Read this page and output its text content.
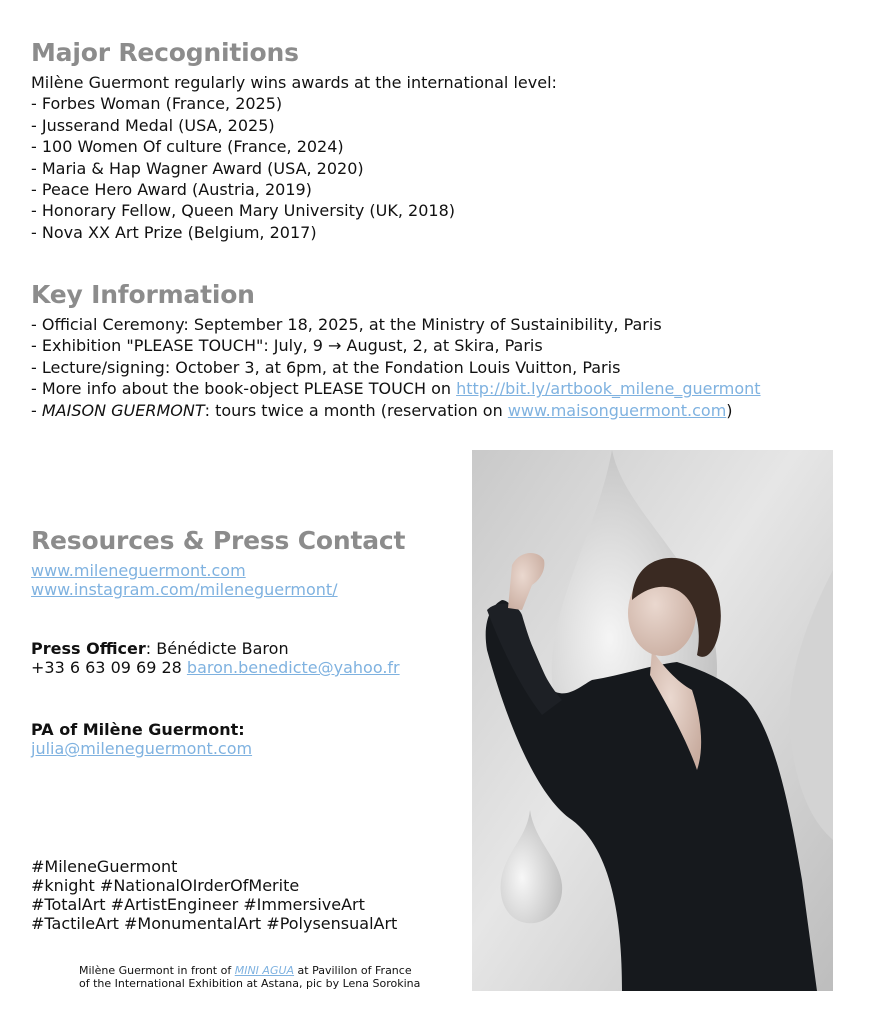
Major Recognitions
Milène Guermont regularly wins awards at the international level:
- Forbes Woman (France, 2025)
- Jusserand Medal (USA, 2025)
- 100 Women Of culture (France, 2024)
- Maria & Hap Wagner Award (USA, 2020)
- Peace Hero Award (Austria, 2019)
- Honorary Fellow, Queen Mary University (UK, 2018)
- Nova XX Art Prize (Belgium, 2017)
Key Information
- Official Ceremony: September 18, 2025, at the Ministry of Sustainibility, Paris
- Exhibition "PLEASE TOUCH": July, 9 → August, 2, at Skira, Paris
- Lecture/signing: October 3, at 6pm, at the Fondation Louis Vuitton, Paris
- More info about the book-object PLEASE TOUCH on http://bit.ly/artbook_milene_guermont
- MAISON GUERMONT: tours twice a month (reservation on www.maisonguermont.com)
Resources & Press Contact
www.mileneguermont.com
www.instagram.com/mileneguermont/
Press Officer: Bénédicte Baron
+33 6 63 09 69 28 baron.benedicte@yahoo.fr
PA of Milène Guermont:
julia@mileneguermont.com
#MileneGuermont
#knight #NationalOIrderOfMerite
#TotalArt #ArtistEngineer #ImmersiveArt
#TactileArt #MonumentalArt #PolysensualArt
Milène Guermont in front of MINI AGUA at Pavililon of France
of the International Exhibition at Astana, pic by Lena Sorokina
